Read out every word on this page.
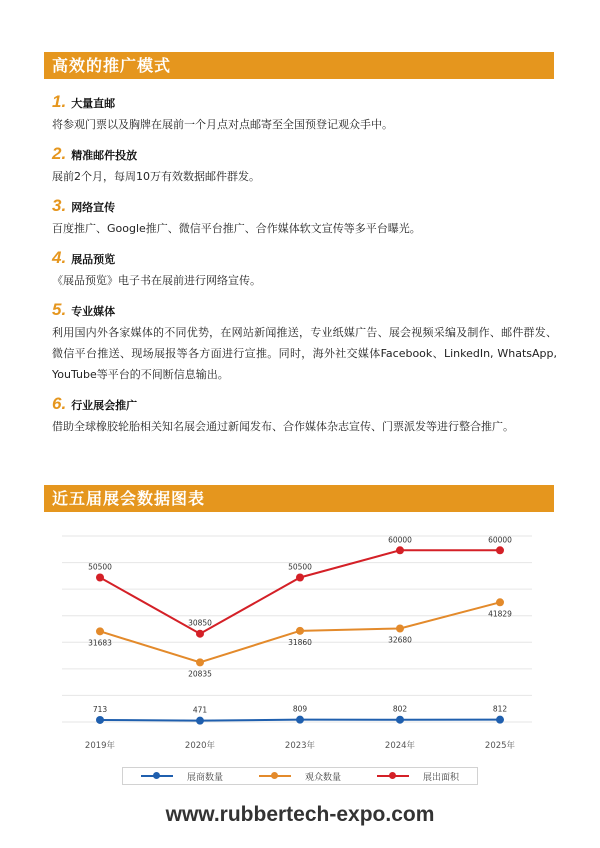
高效的推广模式
1. 大量直邮
将参观门票以及胸牌在展前一个月点对点邮寄至全国预登记观众手中。
2. 精准邮件投放
展前2个月，每周10万有效数据邮件群发。
3. 网络宣传
百度推广、Google推广、微信平台推广、合作媒体软文宣传等多平台曝光。
4. 展品预览
《展品预览》电子书在展前进行网络宣传。
5. 专业媒体
利用国内外各家媒体的不同优势，在网站新闻推送，专业纸媒广告、展会视频采编及制作、邮件群发、微信平台推送、现场展报等各方面进行宣推。同时，海外社交媒体Facebook、LinkedIn, WhatsApp, YouTube等平台的不间断信息输出。
6. 行业展会推广
借助全球橡胶轮胎相关知名展会通过新闻发布、合作媒体杂志宣传、门票派发等进行整合推广。
近五届展会数据图表
2019年	2020年	2023年	2024年	2025年
713	471	809	802	812
31683
20835
31860	32680
41829
50500
30850
50500
60000	60000
展商数量	观众数量	展出面积
www.rubbertech-expo.com
